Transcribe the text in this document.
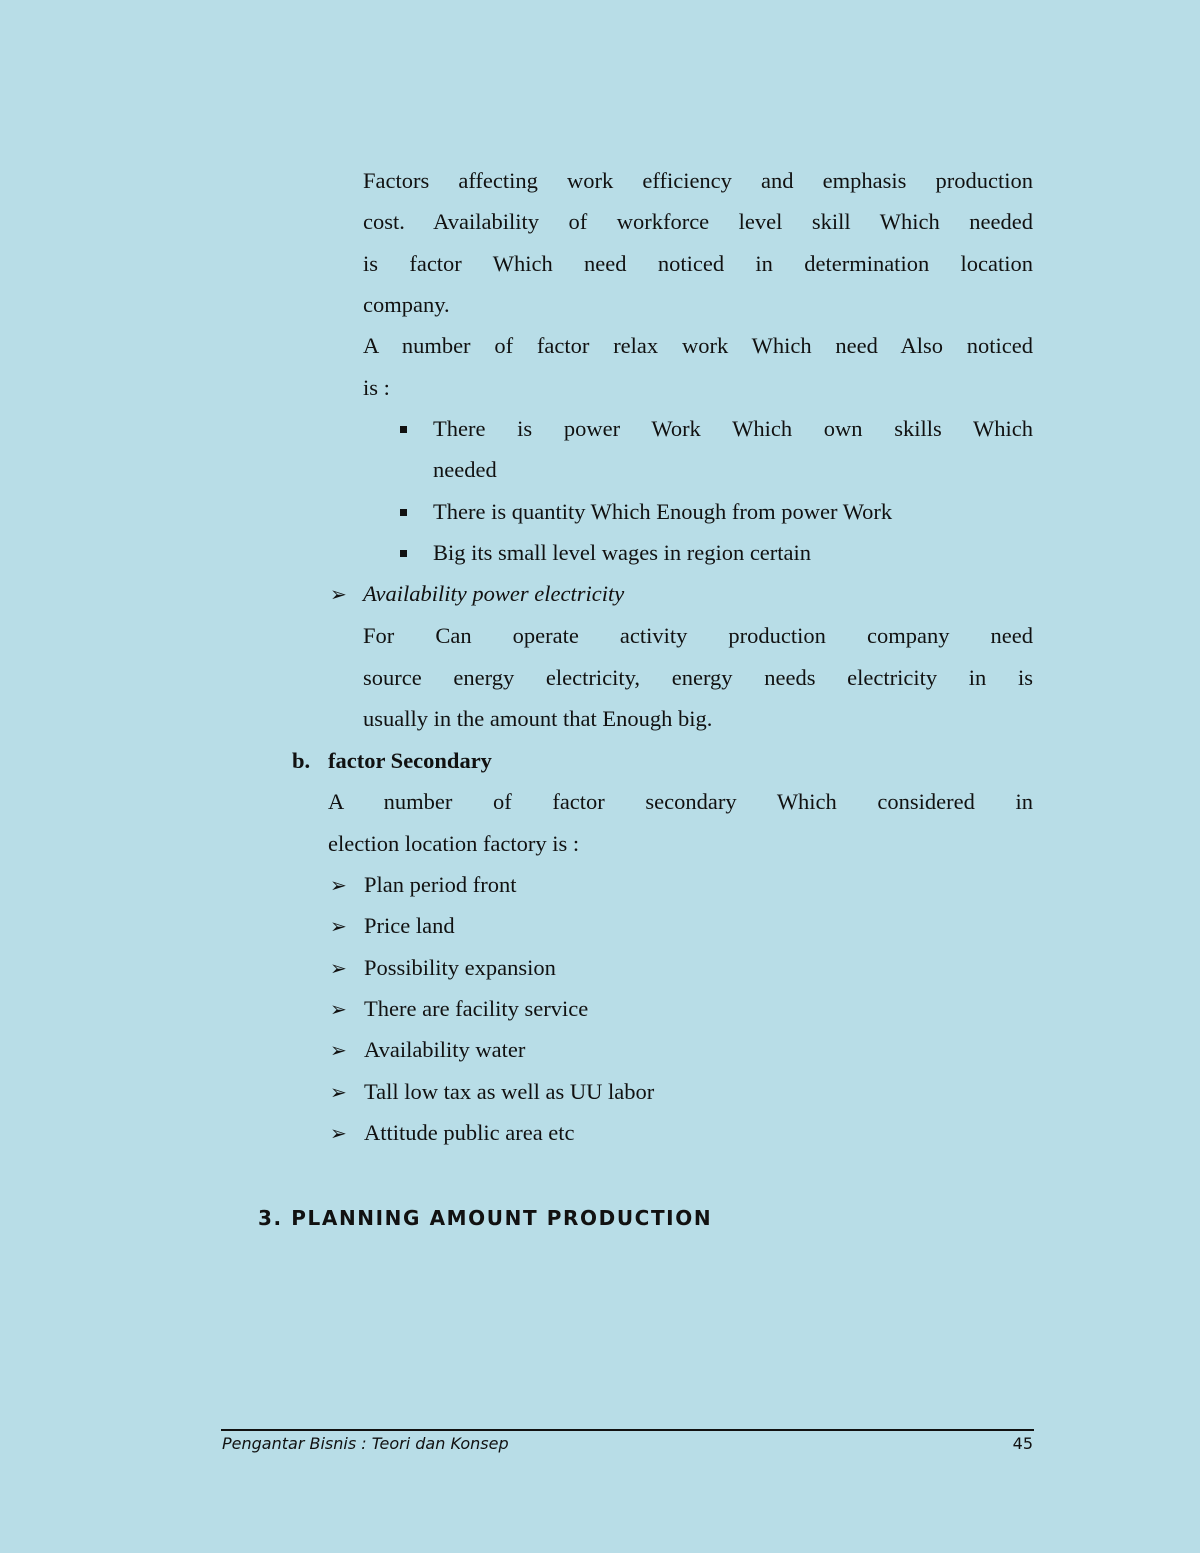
Factors affecting work efficiency and emphasis production
cost. Availability of workforce level skill Which needed
is factor Which need noticed in determination location
company.
A number of factor relax work Which need Also noticed
is :
There is power Work Which own skills Which
needed
There is quantity Which Enough from power Work
Big its small level wages in region certain
➢ Availability power electricity
For Can operate activity production company need
source energy electricity, energy needs electricity in is
usually in the amount that Enough big.
b. factor Secondary
A number of factor secondary Which considered in
election location factory is :
➢ Plan period front
➢ Price land
➢ Possibility expansion
➢ There are facility service
➢ Availability water
➢ Tall low tax as well as UU labor
➢ Attitude public area etc
3. PLANNING AMOUNT PRODUCTION
Pengantar Bisnis : Teori dan Konsep	45
